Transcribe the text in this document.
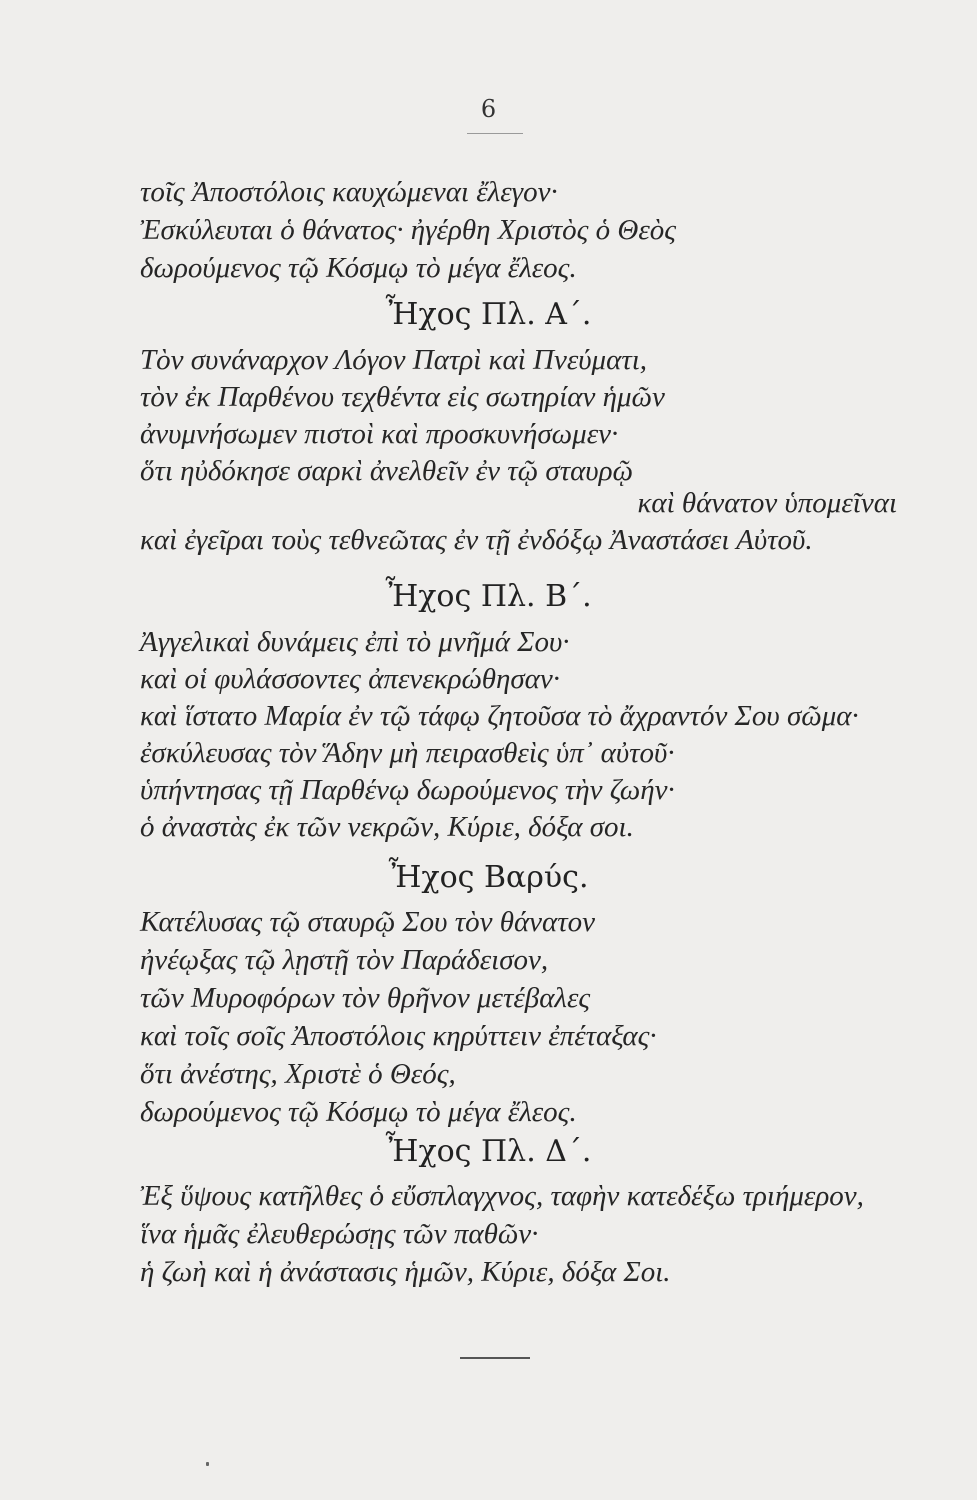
6
τοῖς Ἀποστόλοις καυχώμεναι ἔλεγον·
Ἐσκύλευται ὁ θάνατος· ἠγέρθη Χριστὸς ὁ Θεὸς
δωρούμενος τῷ Κόσμῳ τὸ μέγα ἔλεος.
Ἦχος Πλ. Α΄.
Τὸν συνάναρχον Λόγον Πατρὶ καὶ Πνεύματι,
τὸν ἐκ Παρθένου τεχθέντα εἰς σωτηρίαν ἡμῶν
ἀνυμνήσωμεν πιστοὶ καὶ προσκυνήσωμεν·
ὅτι ηὐδόκησε σαρκὶ ἀνελθεῖν ἐν τῷ σταυρῷ
καὶ θάνατον ὑπομεῖναι
καὶ ἐγεῖραι τοὺς τεθνεῶτας ἐν τῇ ἐνδόξῳ Ἀναστάσει Αὐτοῦ.
Ἦχος Πλ. Β΄.
Ἀγγελικαὶ δυνάμεις ἐπὶ τὸ μνῆμά Σου·
καὶ οἱ φυλάσσοντες ἀπενεκρώθησαν·
καὶ ἵστατο Μαρία ἐν τῷ τάφῳ ζητοῦσα τὸ ἄχραντόν Σου σῶμα·
ἐσκύλευσας τὸν Ἅδην μὴ πειρασθεὶς ὑπ᾿ αὐτοῦ·
ὑπήντησας τῇ Παρθένῳ δωρούμενος τὴν ζωήν·
ὁ ἀναστὰς ἐκ τῶν νεκρῶν, Κύριε, δόξα σοι.
Ἦχος Βαρύς.
Κατέλυσας τῷ σταυρῷ Σου τὸν θάνατον
ἠνέῳξας τῷ λῃστῇ τὸν Παράδεισον,
τῶν Μυροφόρων τὸν θρῆνον μετέβαλες
καὶ τοῖς σοῖς Ἀποστόλοις κηρύττειν ἐπέταξας·
ὅτι ἀνέστης, Χριστὲ ὁ Θεός,
δωρούμενος τῷ Κόσμῳ τὸ μέγα ἔλεος.
Ἦχος Πλ. Δ΄.
Ἐξ ὕψους κατῆλθες ὁ εὔσπλαγχνος, ταφὴν κατεδέξω τριήμερον,
ἵνα ἡμᾶς ἐλευθερώσῃς τῶν παθῶν·
ἡ ζωὴ καὶ ἡ ἀνάστασις ἡμῶν, Κύριε, δόξα Σοι.
